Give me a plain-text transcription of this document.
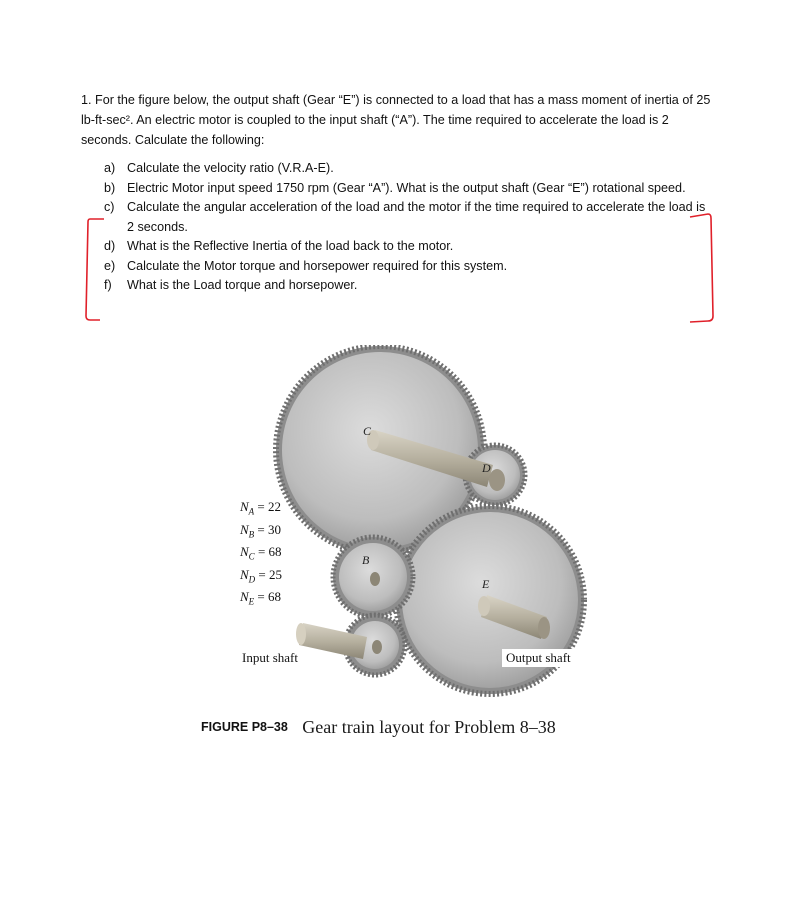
1. For the figure below, the output shaft (Gear “E”) is connected to a load that has a mass moment of inertia of 25 lb-ft-sec². An electric motor is coupled to the input shaft (“A”). The time required to accelerate the load is 2 seconds. Calculate the following:
a) Calculate the velocity ratio (V.R.A-E).
b) Electric Motor input speed 1750 rpm (Gear “A”). What is the output shaft (Gear “E”) rotational speed.
c) Calculate the angular acceleration of the load and the motor if the time required to accelerate the load is 2 seconds.
d) What is the Reflective Inertia of the load back to the motor.
e) Calculate the Motor torque and horsepower required for this system.
f)	What is the Load torque and horsepower.
C
D
B
E
$N_A = 22$
$N_B = 30$
$N_C = 68$
$N_D = 25$
$N_E = 68$
Input shaft	Output shaft
FIGURE P8–38 Gear train layout for Problem 8–38
